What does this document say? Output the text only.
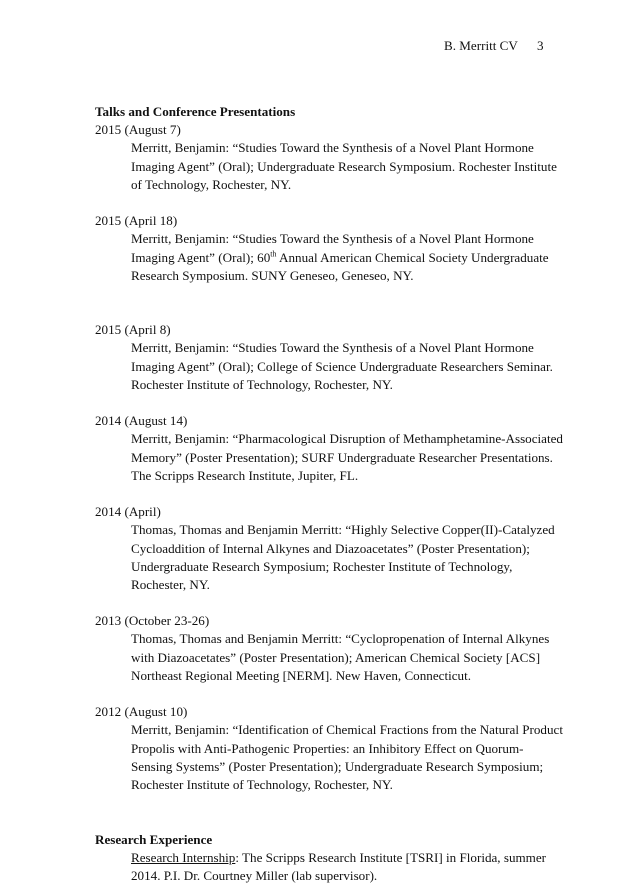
B. Merritt CV 3
Talks and Conference Presentations
2015 (August 7)
Merritt, Benjamin: “Studies Toward the Synthesis of a Novel Plant Hormone
Imaging Agent” (Oral); Undergraduate Research Symposium. Rochester Institute
of Technology, Rochester, NY.
2015 (April 18)
Merritt, Benjamin: “Studies Toward the Synthesis of a Novel Plant Hormone
Imaging Agent” (Oral); 60th Annual American Chemical Society Undergraduate
Research Symposium. SUNY Geneseo, Geneseo, NY.
2015 (April 8)
Merritt, Benjamin: “Studies Toward the Synthesis of a Novel Plant Hormone
Imaging Agent” (Oral); College of Science Undergraduate Researchers Seminar.
Rochester Institute of Technology, Rochester, NY.
2014 (August 14)
Merritt, Benjamin: “Pharmacological Disruption of Methamphetamine-Associated
Memory” (Poster Presentation); SURF Undergraduate Researcher Presentations.
The Scripps Research Institute, Jupiter, FL.
2014 (April)
Thomas, Thomas and Benjamin Merritt: “Highly Selective Copper(II)-Catalyzed
Cycloaddition of Internal Alkynes and Diazoacetates” (Poster Presentation);
Undergraduate Research Symposium; Rochester Institute of Technology,
Rochester, NY.
2013 (October 23-26)
Thomas, Thomas and Benjamin Merritt: “Cyclopropenation of Internal Alkynes
with Diazoacetates” (Poster Presentation); American Chemical Society [ACS]
Northeast Regional Meeting [NERM]. New Haven, Connecticut.
2012 (August 10)
Merritt, Benjamin: “Identification of Chemical Fractions from the Natural Product
Propolis with Anti-Pathogenic Properties: an Inhibitory Effect on Quorum-
Sensing Systems” (Poster Presentation); Undergraduate Research Symposium;
Rochester Institute of Technology, Rochester, NY.
Research Experience
Research Internship: The Scripps Research Institute [TSRI] in Florida, summer
2014. P.I. Dr. Courtney Miller (lab supervisor).
